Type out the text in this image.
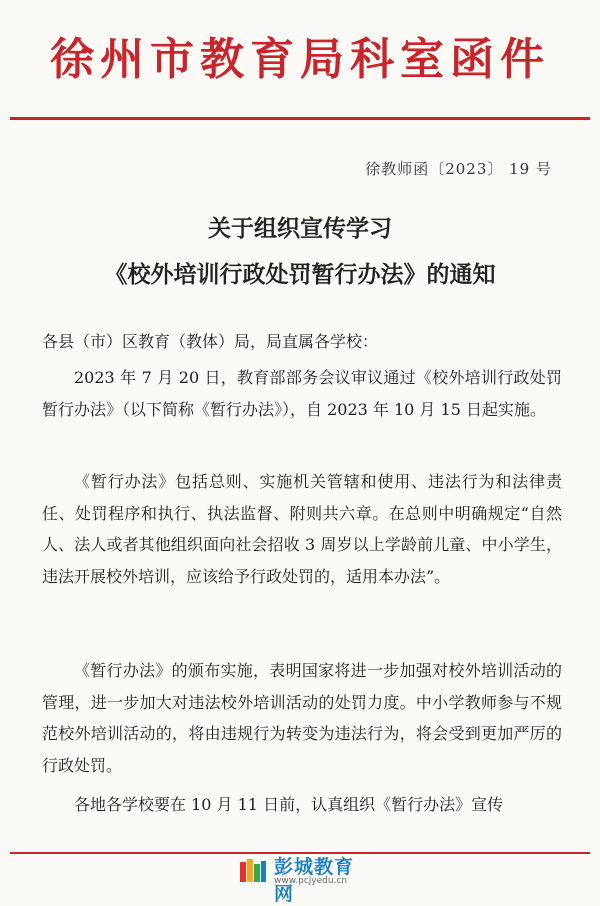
徐州市教育局科室函件
徐教师函〔2023〕 19 号
关于组织宣传学习
《校外培训行政处罚暂行办法》的通知
各县（市）区教育（教体）局，局直属各学校：

2023 年 7 月 20 日，教育部部务会议审议通过《校外培训行政处罚暂行办法》（以下简称《暂行办法》），自 2023 年 10 月 15 日起实施。

《暂行办法》包括总则、实施机关管辖和使用、违法行为和法律责任、处罚程序和执行、执法监督、附则共六章。在总则中明确规定“自然人、法人或者其他组织面向社会招收 3 周岁以上学龄前儿童、中小学生，违法开展校外培训，应该给予行政处罚的，适用本办法”。

《暂行办法》的颁布实施，表明国家将进一步加强对校外培训活动的管理，进一步加大对违法校外培训活动的处罚力度。中小学教师参与不规范校外培训活动的，将由违规行为转变为违法行为，将会受到更加严厉的行政处罚。

各地各学校要在 10 月 11 日前，认真组织《暂行办法》宣传

彭城教育网
www.pcjyedu.cn
